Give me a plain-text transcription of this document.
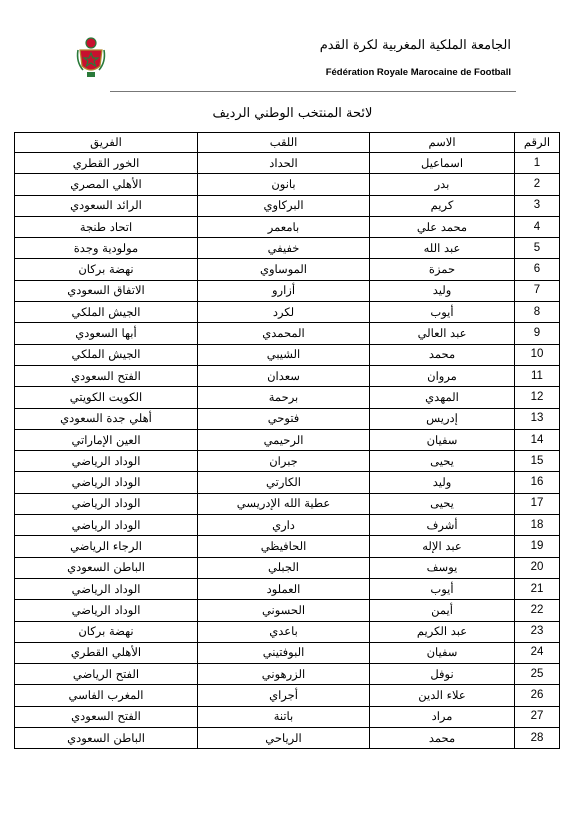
الجامعة الملكية المغربية لكرة القدم
Fédération Royale Marocaine de Football
لائحة المنتخب الوطني الرديف
الرقم	الاسم	اللقب	الفريق
1	اسماعيل	الحداد	الخور القطري
2	بدر	بانون	الأهلي المصري
3	كريم	البركاوي	الرائد السعودي
4	محمد علي	بامعمر	اتحاد طنجة
5	عبد الله	خفيفي	مولودية وجدة
6	حمزة	الموساوي	نهضة بركان
7	وليد	أزارو	الاتفاق السعودي
8	أيوب	لكرد	الجيش الملكي
9	عبد العالي	المحمدي	أبها السعودي
10	محمد	الشيبي	الجيش الملكي
11	مروان	سعدان	الفتح السعودي
12	المهدي	برحمة	الكويت الكويتي
13	إدريس	فتوحي	أهلي جدة السعودي
14	سفيان	الرحيمي	العين الإماراتي
15	يحيى	جبران	الوداد الرياضي
16	وليد	الكارتي	الوداد الرياضي
17	يحيى	عطية الله الإدريسي	الوداد الرياضي
18	أشرف	داري	الوداد الرياضي
19	عبد الإله	الحافيظي	الرجاء الرياضي
20	يوسف	الجبلي	الباطن السعودي
21	أيوب	العملود	الوداد الرياضي
22	أيمن	الحسوني	الوداد الرياضي
23	عبد الكريم	باعدي	نهضة بركان
24	سفيان	البوفتيني	الأهلي القطري
25	نوفل	الزرهوني	الفتح الرياضي
26	علاء الدين	أجراي	المغرب الفاسي
27	مراد	باتنة	الفتح السعودي
28	محمد	الرياحي	الباطن السعودي
